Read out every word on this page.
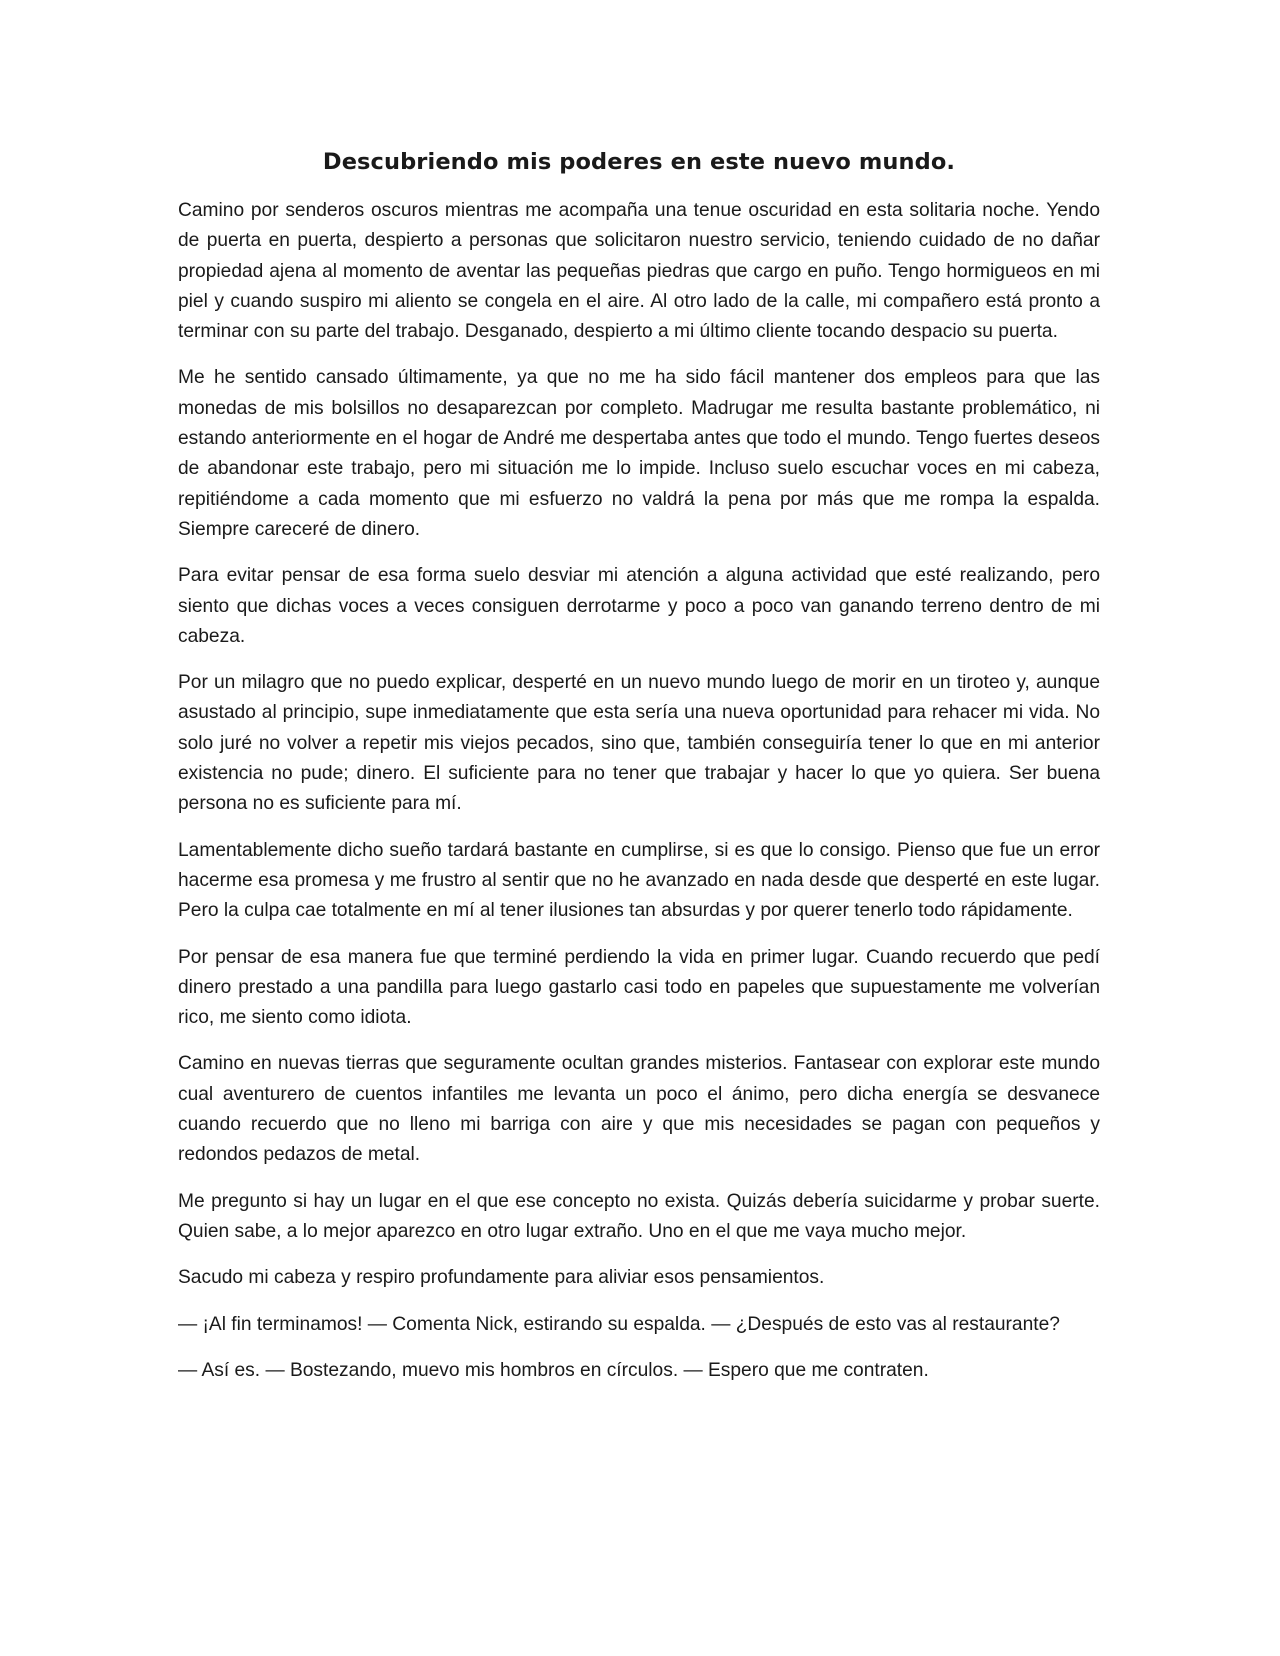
Descubriendo mis poderes en este nuevo mundo.

Camino por senderos oscuros mientras me acompaña una tenue oscuridad en esta solitaria noche. Yendo de puerta en puerta, despierto a personas que solicitaron nuestro servicio, teniendo cuidado de no dañar propiedad ajena al momento de aventar las pequeñas piedras que cargo en puño. Tengo hormigueos en mi piel y cuando suspiro mi aliento se congela en el aire. Al otro lado de la calle, mi compañero está pronto a terminar con su parte del trabajo. Desganado, despierto a mi último cliente tocando despacio su puerta.

Me he sentido cansado últimamente, ya que no me ha sido fácil mantener dos empleos para que las monedas de mis bolsillos no desaparezcan por completo. Madrugar me resulta bastante problemático, ni estando anteriormente en el hogar de André me despertaba antes que todo el mundo. Tengo fuertes deseos de abandonar este trabajo, pero mi situación me lo impide. Incluso suelo escuchar voces en mi cabeza, repitiéndome a cada momento que mi esfuerzo no valdrá la pena por más que me rompa la espalda. Siempre careceré de dinero.

Para evitar pensar de esa forma suelo desviar mi atención a alguna actividad que esté realizando, pero siento que dichas voces a veces consiguen derrotarme y poco a poco van ganando terreno dentro de mi cabeza.

Por un milagro que no puedo explicar, desperté en un nuevo mundo luego de morir en un tiroteo y, aunque asustado al principio, supe inmediatamente que esta sería una nueva oportunidad para rehacer mi vida. No solo juré no volver a repetir mis viejos pecados, sino que, también conseguiría tener lo que en mi anterior existencia no pude; dinero. El suficiente para no tener que trabajar y hacer lo que yo quiera. Ser buena persona no es suficiente para mí.

Lamentablemente dicho sueño tardará bastante en cumplirse, si es que lo consigo. Pienso que fue un error hacerme esa promesa y me frustro al sentir que no he avanzado en nada desde que desperté en este lugar. Pero la culpa cae totalmente en mí al tener ilusiones tan absurdas y por querer tenerlo todo rápidamente.

Por pensar de esa manera fue que terminé perdiendo la vida en primer lugar. Cuando recuerdo que pedí dinero prestado a una pandilla para luego gastarlo casi todo en papeles que supuestamente me volverían rico, me siento como idiota.

Camino en nuevas tierras que seguramente ocultan grandes misterios. Fantasear con explorar este mundo cual aventurero de cuentos infantiles me levanta un poco el ánimo, pero dicha energía se desvanece cuando recuerdo que no lleno mi barriga con aire y que mis necesidades se pagan con pequeños y redondos pedazos de metal.

Me pregunto si hay un lugar en el que ese concepto no exista. Quizás debería suicidarme y probar suerte. Quien sabe, a lo mejor aparezco en otro lugar extraño. Uno en el que me vaya mucho mejor.

Sacudo mi cabeza y respiro profundamente para aliviar esos pensamientos.

— ¡Al fin terminamos! — Comenta Nick, estirando su espalda. — ¿Después de esto vas al restaurante?

— Así es. — Bostezando, muevo mis hombros en círculos. — Espero que me contraten.
